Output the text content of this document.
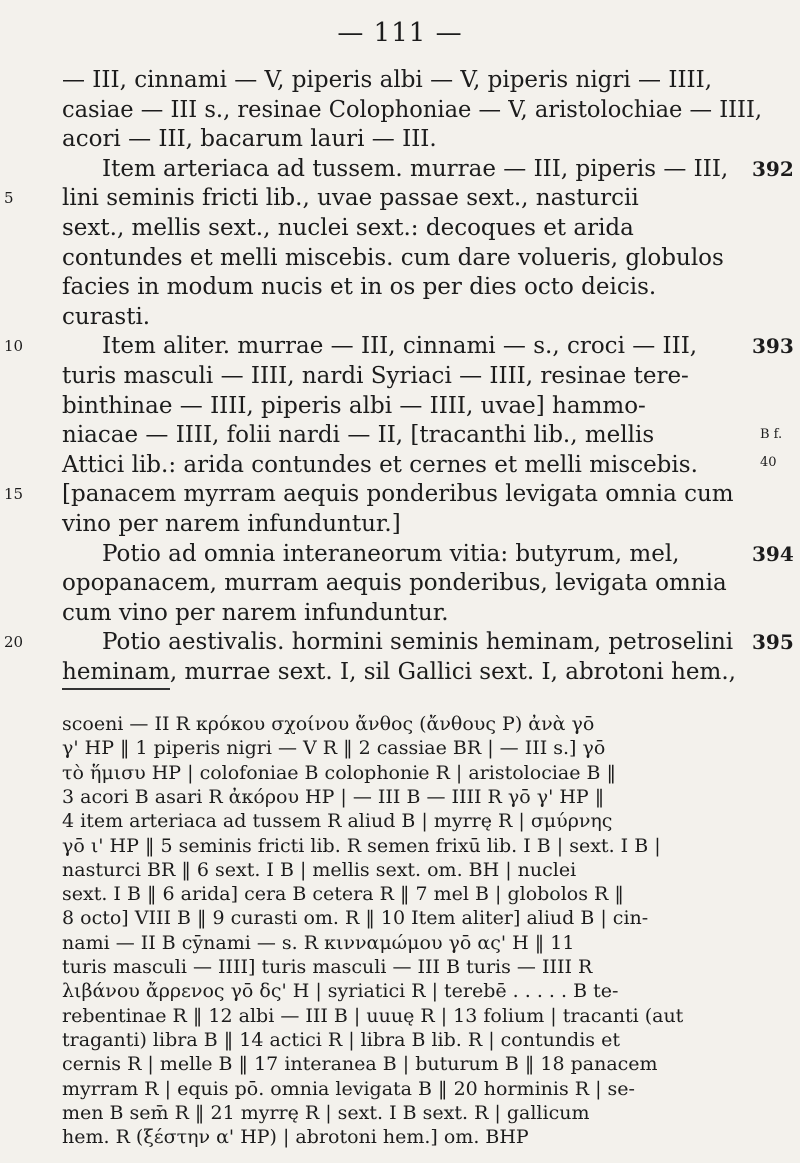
— 111 —
— III, cinnami — V, piperis albi — V, piperis nigri — IIII,
casiae — III s., resinae Colophoniae — V, aristolochiae — IIII,
acori — III, bacarum lauri — III.
Item arteriaca ad tussem. murrae — III, piperis — III,	392
lini seminis fricti lib., uvae passae sext., nasturcii
5
sext., mellis sext., nuclei sext.: decoques et arida
contundes et melli miscebis. cum dare volueris, globulos
facies in modum nucis et in os per dies octo deicis.
curasti.
Item aliter. murrae — III, cinnami — s., croci — III,
10	393
turis masculi — IIII, nardi Syriaci — IIII, resinae tere-
binthinae — IIII, piperis albi — IIII, uvae] hammo-
niacae — IIII, folii nardi — II, [tracanthi lib., mellis	B f. 40
Attici lib.: arida contundes et cernes et melli miscebis.
[panacem myrram aequis ponderibus levigata omnia cum
15
vino per narem infunduntur.]
Potio ad omnia interaneorum vitia: butyrum, mel,	394
opopanacem, murram aequis ponderibus, levigata omnia
cum vino per narem infunduntur.
Potio aestivalis. hormini seminis heminam, petroselini
20	395
heminam, murrae sext. I, sil Gallici sext. I, abrotoni hem.,
scoeni — II R κρόκου σχοίνου ἄνθος (ἄνθους P) ἀνὰ γō
γ' HP ‖ 1 piperis nigri — V R ‖ 2 cassiae BR | — III s.] γō
τὸ ἥμισυ HP | colofoniae B colophonie R | aristolociae B ‖
3 acori B asari R ἀκόρου HP | — III B — IIII R γō γ' HP ‖
4 item arteriaca ad tussem R aliud B | myrrę R | σμύρνης
γō ι' HP ‖ 5 seminis fricti lib. R semen frixū lib. I B | sext. I B |
nasturci BR ‖ 6 sext. I B | mellis sext. om. BH | nuclei
sext. I B ‖ 6 arida] cera B cetera R ‖ 7 mel B | globolos R ‖
8 octo] VIII B ‖ 9 curasti om. R ‖ 10 Item aliter] aliud B | cin-
nami — II B cȳnami — s. R κινναμώμου γō ας' H ‖ 11
turis masculi — IIII] turis masculi — III B turis — IIII R
λιβάνου ἄρρενος γō δς' H | syriatici R | terebē . . . . . B te-
rebentinae R ‖ 12 albi — III B | uuuę R | 13 folium | tracanti (aut
traganti) libra B ‖ 14 actici R | libra B lib. R | contundis et
cernis R | melle B ‖ 17 interanea B | buturum B ‖ 18 panacem
myrram R | equis pō. omnia levigata B ‖ 20 horminis R | se-
men B sem̄ R ‖ 21 myrrę R | sext. I B sext. R | gallicum
hem. R (ξέστην α' HP) | abrotoni hem.] om. BHP
